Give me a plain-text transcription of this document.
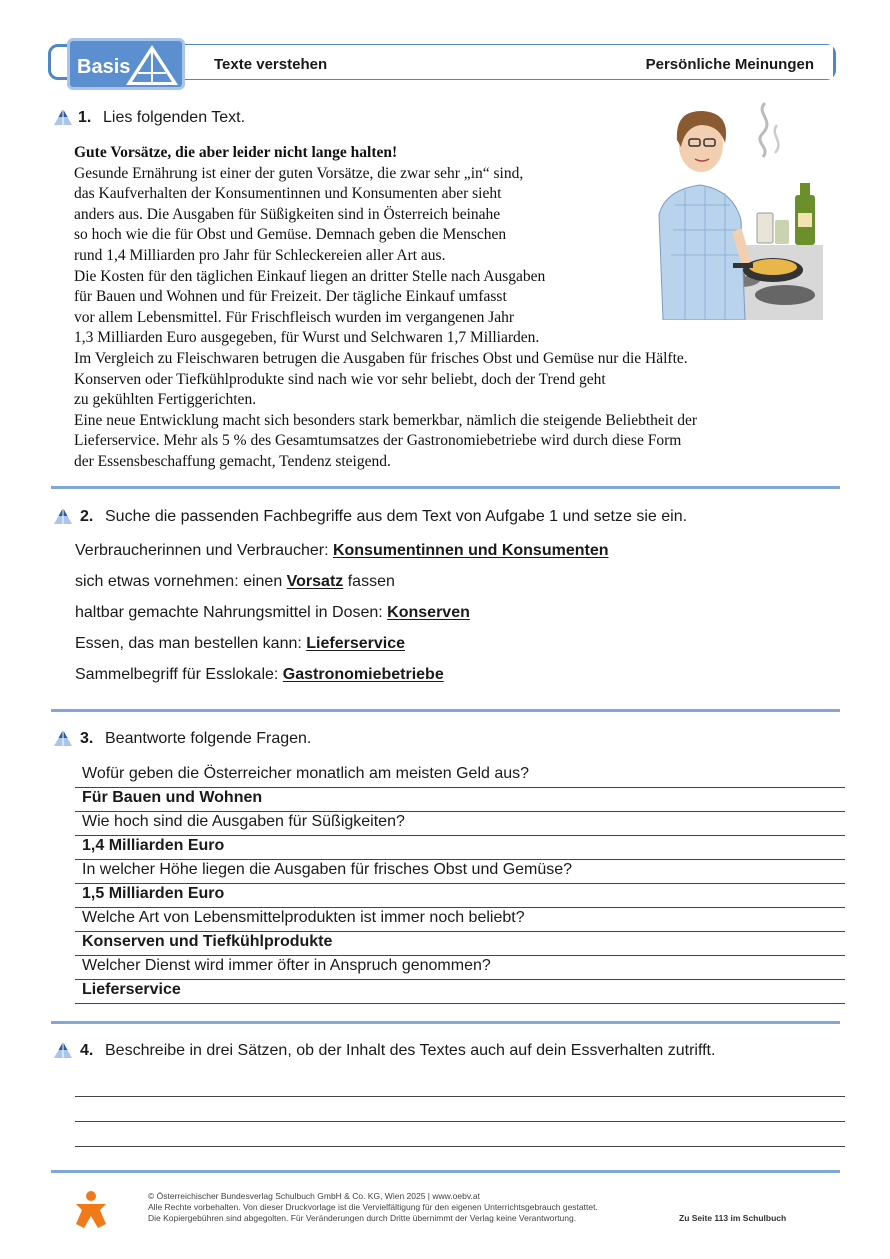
Basis	Texte verstehen	Persönliche Meinungen
1. Lies folgenden Text.
Gute Vorsätze, die aber leider nicht lange halten!
Gesunde Ernährung ist einer der guten Vorsätze, die zwar sehr „in“ sind,
das Kaufverhalten der Konsumentinnen und Konsumenten aber sieht
anders aus. Die Ausgaben für Süßigkeiten sind in Österreich beinahe
so hoch wie die für Obst und Gemüse. Demnach geben die Menschen
rund 1,4 Milliarden pro Jahr für Schleckereien aller Art aus.
Die Kosten für den täglichen Einkauf liegen an dritter Stelle nach Ausgaben
für Bauen und Wohnen und für Freizeit. Der tägliche Einkauf umfasst
vor allem Lebensmittel. Für Frischfleisch wurden im vergangenen Jahr
1,3 Milliarden Euro ausgegeben, für Wurst und Selchwaren 1,7 Milliarden.
Im Vergleich zu Fleischwaren betrugen die Ausgaben für frisches Obst und Gemüse nur die Hälfte.
Konserven oder Tiefkühlprodukte sind nach wie vor sehr beliebt, doch der Trend geht
zu gekühlten Fertiggerichten.
Eine neue Entwicklung macht sich besonders stark bemerkbar, nämlich die steigende Beliebtheit der
Lieferservice. Mehr als 5 % des Gesamtumsatzes der Gastronomiebetriebe wird durch diese Form
der Essensbeschaffung gemacht, Tendenz steigend.
2. Suche die passenden Fachbegriffe aus dem Text von Aufgabe 1 und setze sie ein.
Verbraucherinnen und Verbraucher: Konsumentinnen und Konsumenten
sich etwas vornehmen: einen Vorsatz fassen
haltbar gemachte Nahrungsmittel in Dosen: Konserven
Essen, das man bestellen kann: Lieferservice
Sammelbegriff für Esslokale: Gastronomiebetriebe
3. Beantworte folgende Fragen.
Wofür geben die Österreicher monatlich am meisten Geld aus?
Für Bauen und Wohnen
Wie hoch sind die Ausgaben für Süßigkeiten?
1,4 Milliarden Euro
In welcher Höhe liegen die Ausgaben für frisches Obst und Gemüse?
1,5 Milliarden Euro
Welche Art von Lebensmittelprodukten ist immer noch beliebt?
Konserven und Tiefkühlprodukte
Welcher Dienst wird immer öfter in Anspruch genommen?
Lieferservice
4. Beschreibe in drei Sätzen, ob der Inhalt des Textes auch auf dein Essverhalten zutrifft.
© Österreichischer Bundesverlag Schulbuch GmbH & Co. KG, Wien 2025 | www.oebv.at
Alle Rechte vorbehalten. Von dieser Druckvorlage ist die Vervielfältigung für den eigenen Unterrichtsgebrauch gestattet.
Die Kopiergebühren sind abgegolten. Für Veränderungen durch Dritte übernimmt der Verlag keine Verantwortung.	Zu Seite 113 im Schulbuch
